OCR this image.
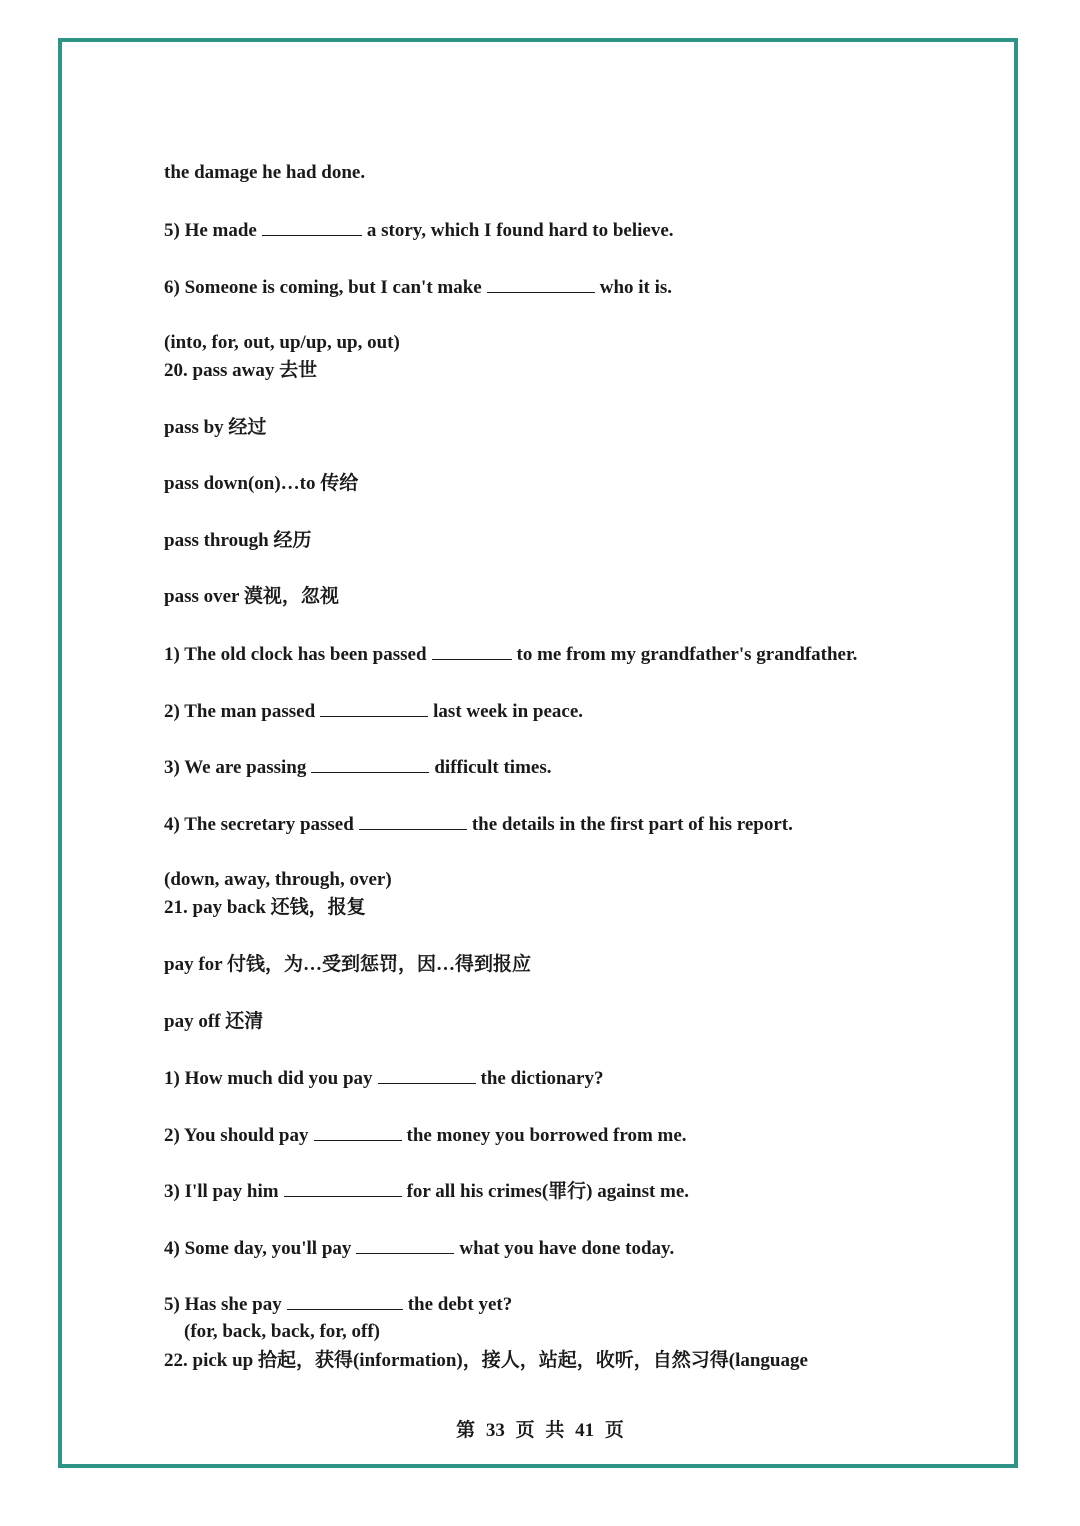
the damage he had done.
5) He made	a story, which I found hard to believe.
6) Someone is coming, but I can't make	who it is.
(into, for, out, up/up, up, out)
20. pass away 去世
pass by 经过
pass down(on)…to 传给
pass through 经历
pass over 漠视，忽视
1) The old clock has been passed	to me from my grandfather's grandfather.
2) The man passed	last week in peace.
3) We are passing	difficult times.
4) The secretary passed	the details in the first part of his report.
(down, away, through, over)
21. pay back 还钱，报复
pay for 付钱，为…受到惩罚，因…得到报应
pay off 还清
1) How much did you pay	the dictionary?
2) You should pay	the money you borrowed from me.
3) I'll pay him	for all his crimes(罪行) against me.
4) Some day, you'll pay	what you have done today.
5) Has she pay	the debt yet?
(for, back, back, for, off)
22. pick up 拾起，获得(information)，接人，站起，收听，自然习得(language
第 33 页 共 41 页
